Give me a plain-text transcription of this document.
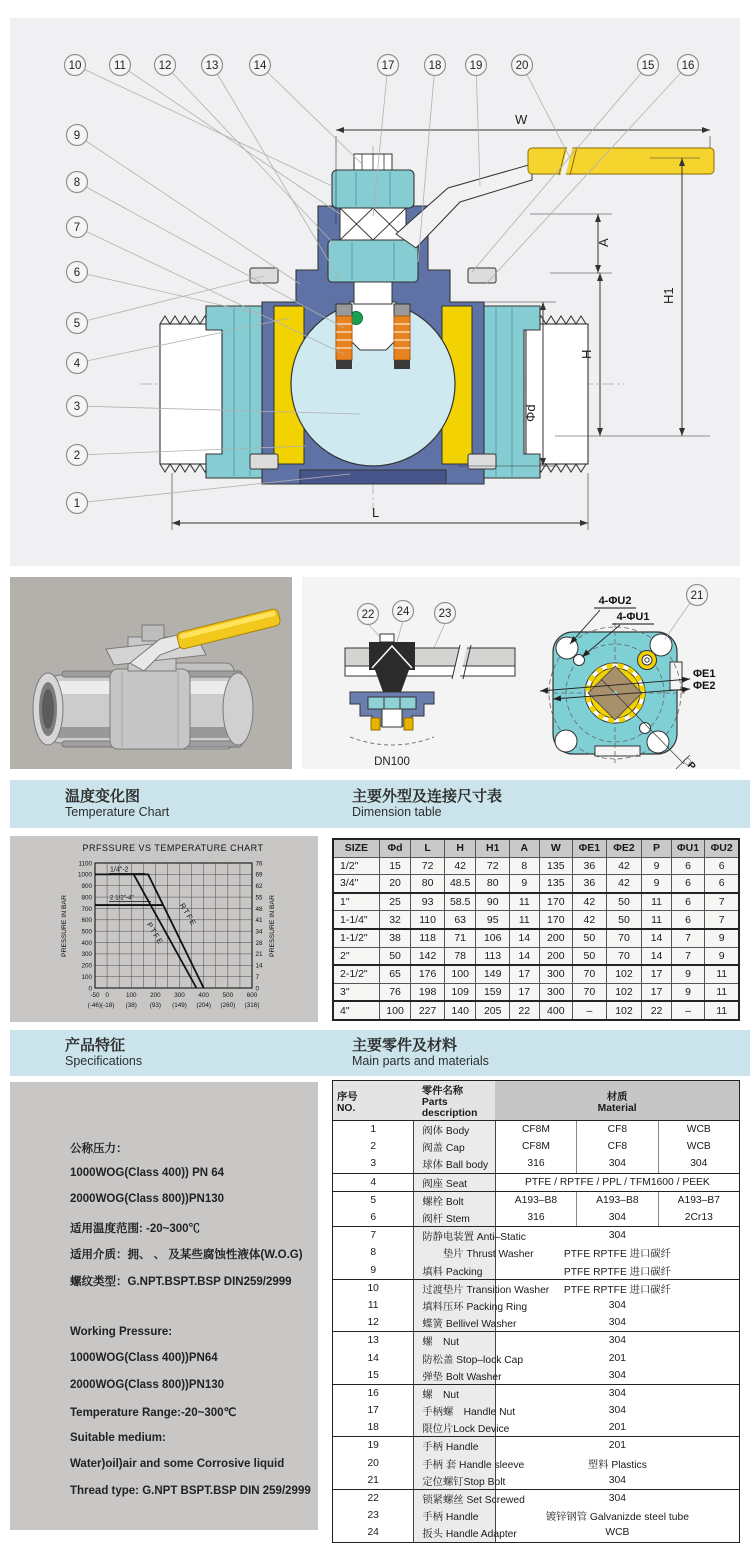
W
A
H
H1
Φd
L
10	11	12	13	14	17	18 19	20	15 16
9
8
7
6
5
4
3
2
1
22 24	23
DN100
4-ΦU2
4-ΦU1
21
ΦE1
ΦE2
□P
温度变化图
Temperature Chart
主要外型及连接尺寸表
Dimension table
PRFSSURE VS TEMPERATURE CHART
0
100
200
300
400
500
600
700
800
900
1000
1100
0
7
14
21
28
34
41
48
55
62
69
76
-50 0	100 200 300 400 500 600
(-46)(-18) (38) (93) (149) (204) (260) (316)
PRESSURE IN BAR	PRESSURE IN BAR
1/4"-2
2 1/2"-4"
PTFE
RTFE
SIZE	Φd	L	H	H1	A	W	ΦE1	ΦE2	P	ΦU1	ΦU2
1/2"	15	72	42	72	8	135	36	42	9	6	6
3/4"	20	80	48.5	80	9	135	36	42	9	6	6
1"	25	93	58.5	90	11	170	42	50	11	6	7
1-1/4"	32	110	63	95	11	170	42	50	11	6	7
1-1/2"	38	118	71	106	14	200	50	70	14	7	9
2"	50	142	78	113	14	200	50	70	14	7	9
2-1/2"	65	176	100	149	17	300	70	102	17	9	11
3"	76	198	109	159	17	300	70	102	17	9	11
4"	100	227	140	205	22	400	–	102	22	–	11
产品特征
Specifications
主要零件及材料
Main parts and materials
公称压力：
1000WOG(Class 400)) PN 64
2000WOG(Class 800))PN130
适用温度范围: -20~300℃
适用介质：拥、 、 及某些腐蚀性液体(W.O.G)
螺纹类型：G.NPT.BSPT.BSP DIN259/2999
Working Pressure:
1000WOG(Class 400))PN64
2000WOG(Class 800))PN130
Temperature Range:-20~300℃
Suitable medium:
Water)oil)air and some Corrosive liquid
Thread type: G.NPT BSPT.BSP DIN 259/2999
序号
NO.	零件名称
Parts description	材质
Material		
1	阀体 Body	CF8M	CF8	WCB
2	阀盖 Cap	CF8M	CF8	WCB
3	球体 Ball body	316	304	304
4	阀座 Seat	PTFE / RPTFE / PPL / TFM1600 / PEEK		
5	螺栓 Bolt	A193–B8	A193–B8	A193–B7
6	阀杆 Stem	316	304	2Cr13
7	防静电装置 Anti–Static	304		
8	　　垫片 Thrust Washer	PTFE RPTFE 进口碳纤		
9	填料 Packing	PTFE RPTFE 进口碳纤		
10	过渡垫片 Transition Washer	PTFE RPTFE 进口碳纤		
11	填料压环 Packing Ring	304		
12	蝶簧 Bellivel Washer	304		
13	螺　Nut	304		
14	防松盖 Stop–lock Cap	201		
15	弹垫 Bolt Washer	304		
16	螺　Nut	304		
17	手柄螺　Handle Nut	304		
18	限位片Lock Device	201		
19	手柄 Handle	201		
20	手柄 套 Handle sleeve	塑料 Plastics		
21	定位螺钉Stop Bolt	304		
22	锁紧螺丝 Set Screwed	304		
23	手柄 Handle	镀锌钢管 Galvanizde steel tube		
24	扳头 Handle Adapter	WCB		
